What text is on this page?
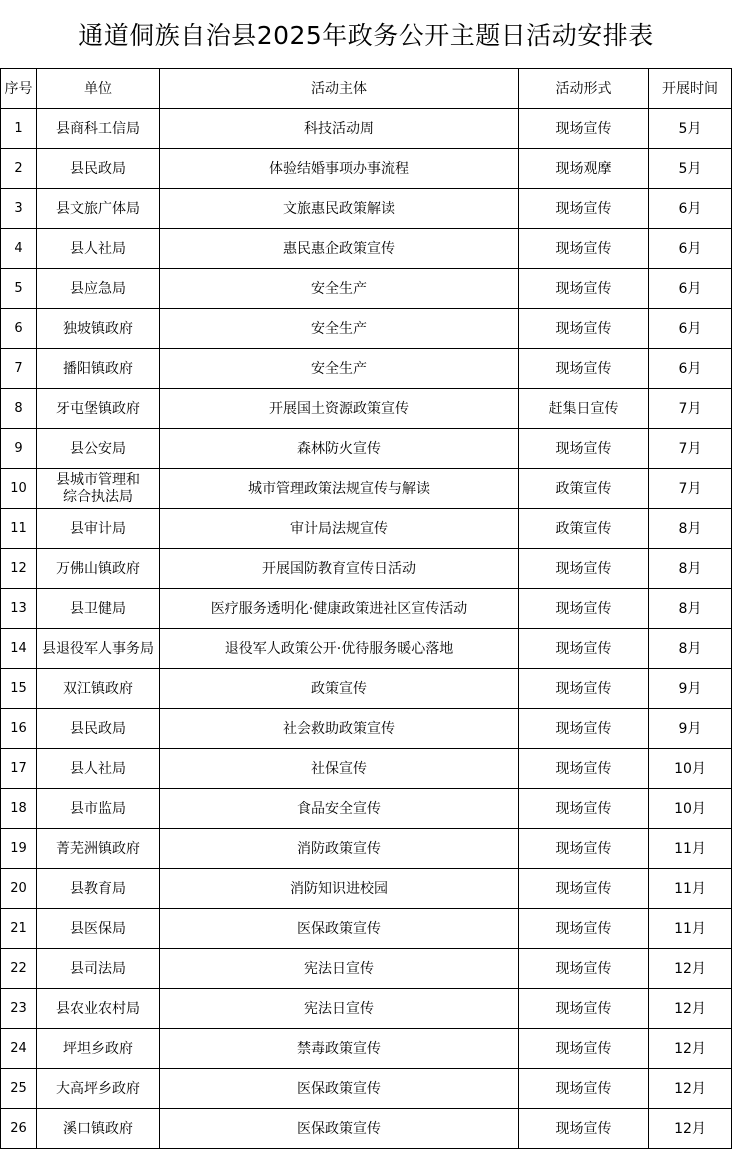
通道侗族自治县2025年政务公开主题日活动安排表
序号	单位	活动主体	活动形式	开展时间
1	县商科工信局	科技活动周	现场宣传	5月
2	县民政局	体验结婚事项办事流程	现场观摩	5月
3	县文旅广体局	文旅惠民政策解读	现场宣传	6月
4	县人社局	惠民惠企政策宣传	现场宣传	6月
5	县应急局	安全生产	现场宣传	6月
6	独坡镇政府	安全生产	现场宣传	6月
7	播阳镇政府	安全生产	现场宣传	6月
8	牙屯堡镇政府	开展国土资源政策宣传	赶集日宣传	7月
9	县公安局	森林防火宣传	现场宣传	7月
10	县城市管理和综合执法局	城市管理政策法规宣传与解读	政策宣传	7月
11	县审计局	审计局法规宣传	政策宣传	8月
12	万佛山镇政府	开展国防教育宣传日活动	现场宣传	8月
13	县卫健局	医疗服务透明化·健康政策进社区宣传活动	现场宣传	8月
14	县退役军人事务局	退役军人政策公开·优待服务暖心落地	现场宣传	8月
15	双江镇政府	政策宣传	现场宣传	9月
16	县民政局	社会救助政策宣传	现场宣传	9月
17	县人社局	社保宣传	现场宣传	10月
18	县市监局	食品安全宣传	现场宣传	10月
19	菁芜洲镇政府	消防政策宣传	现场宣传	11月
20	县教育局	消防知识进校园	现场宣传	11月
21	县医保局	医保政策宣传	现场宣传	11月
22	县司法局	宪法日宣传	现场宣传	12月
23	县农业农村局	宪法日宣传	现场宣传	12月
24	坪坦乡政府	禁毒政策宣传	现场宣传	12月
25	大高坪乡政府	医保政策宣传	现场宣传	12月
26	溪口镇政府	医保政策宣传	现场宣传	12月
